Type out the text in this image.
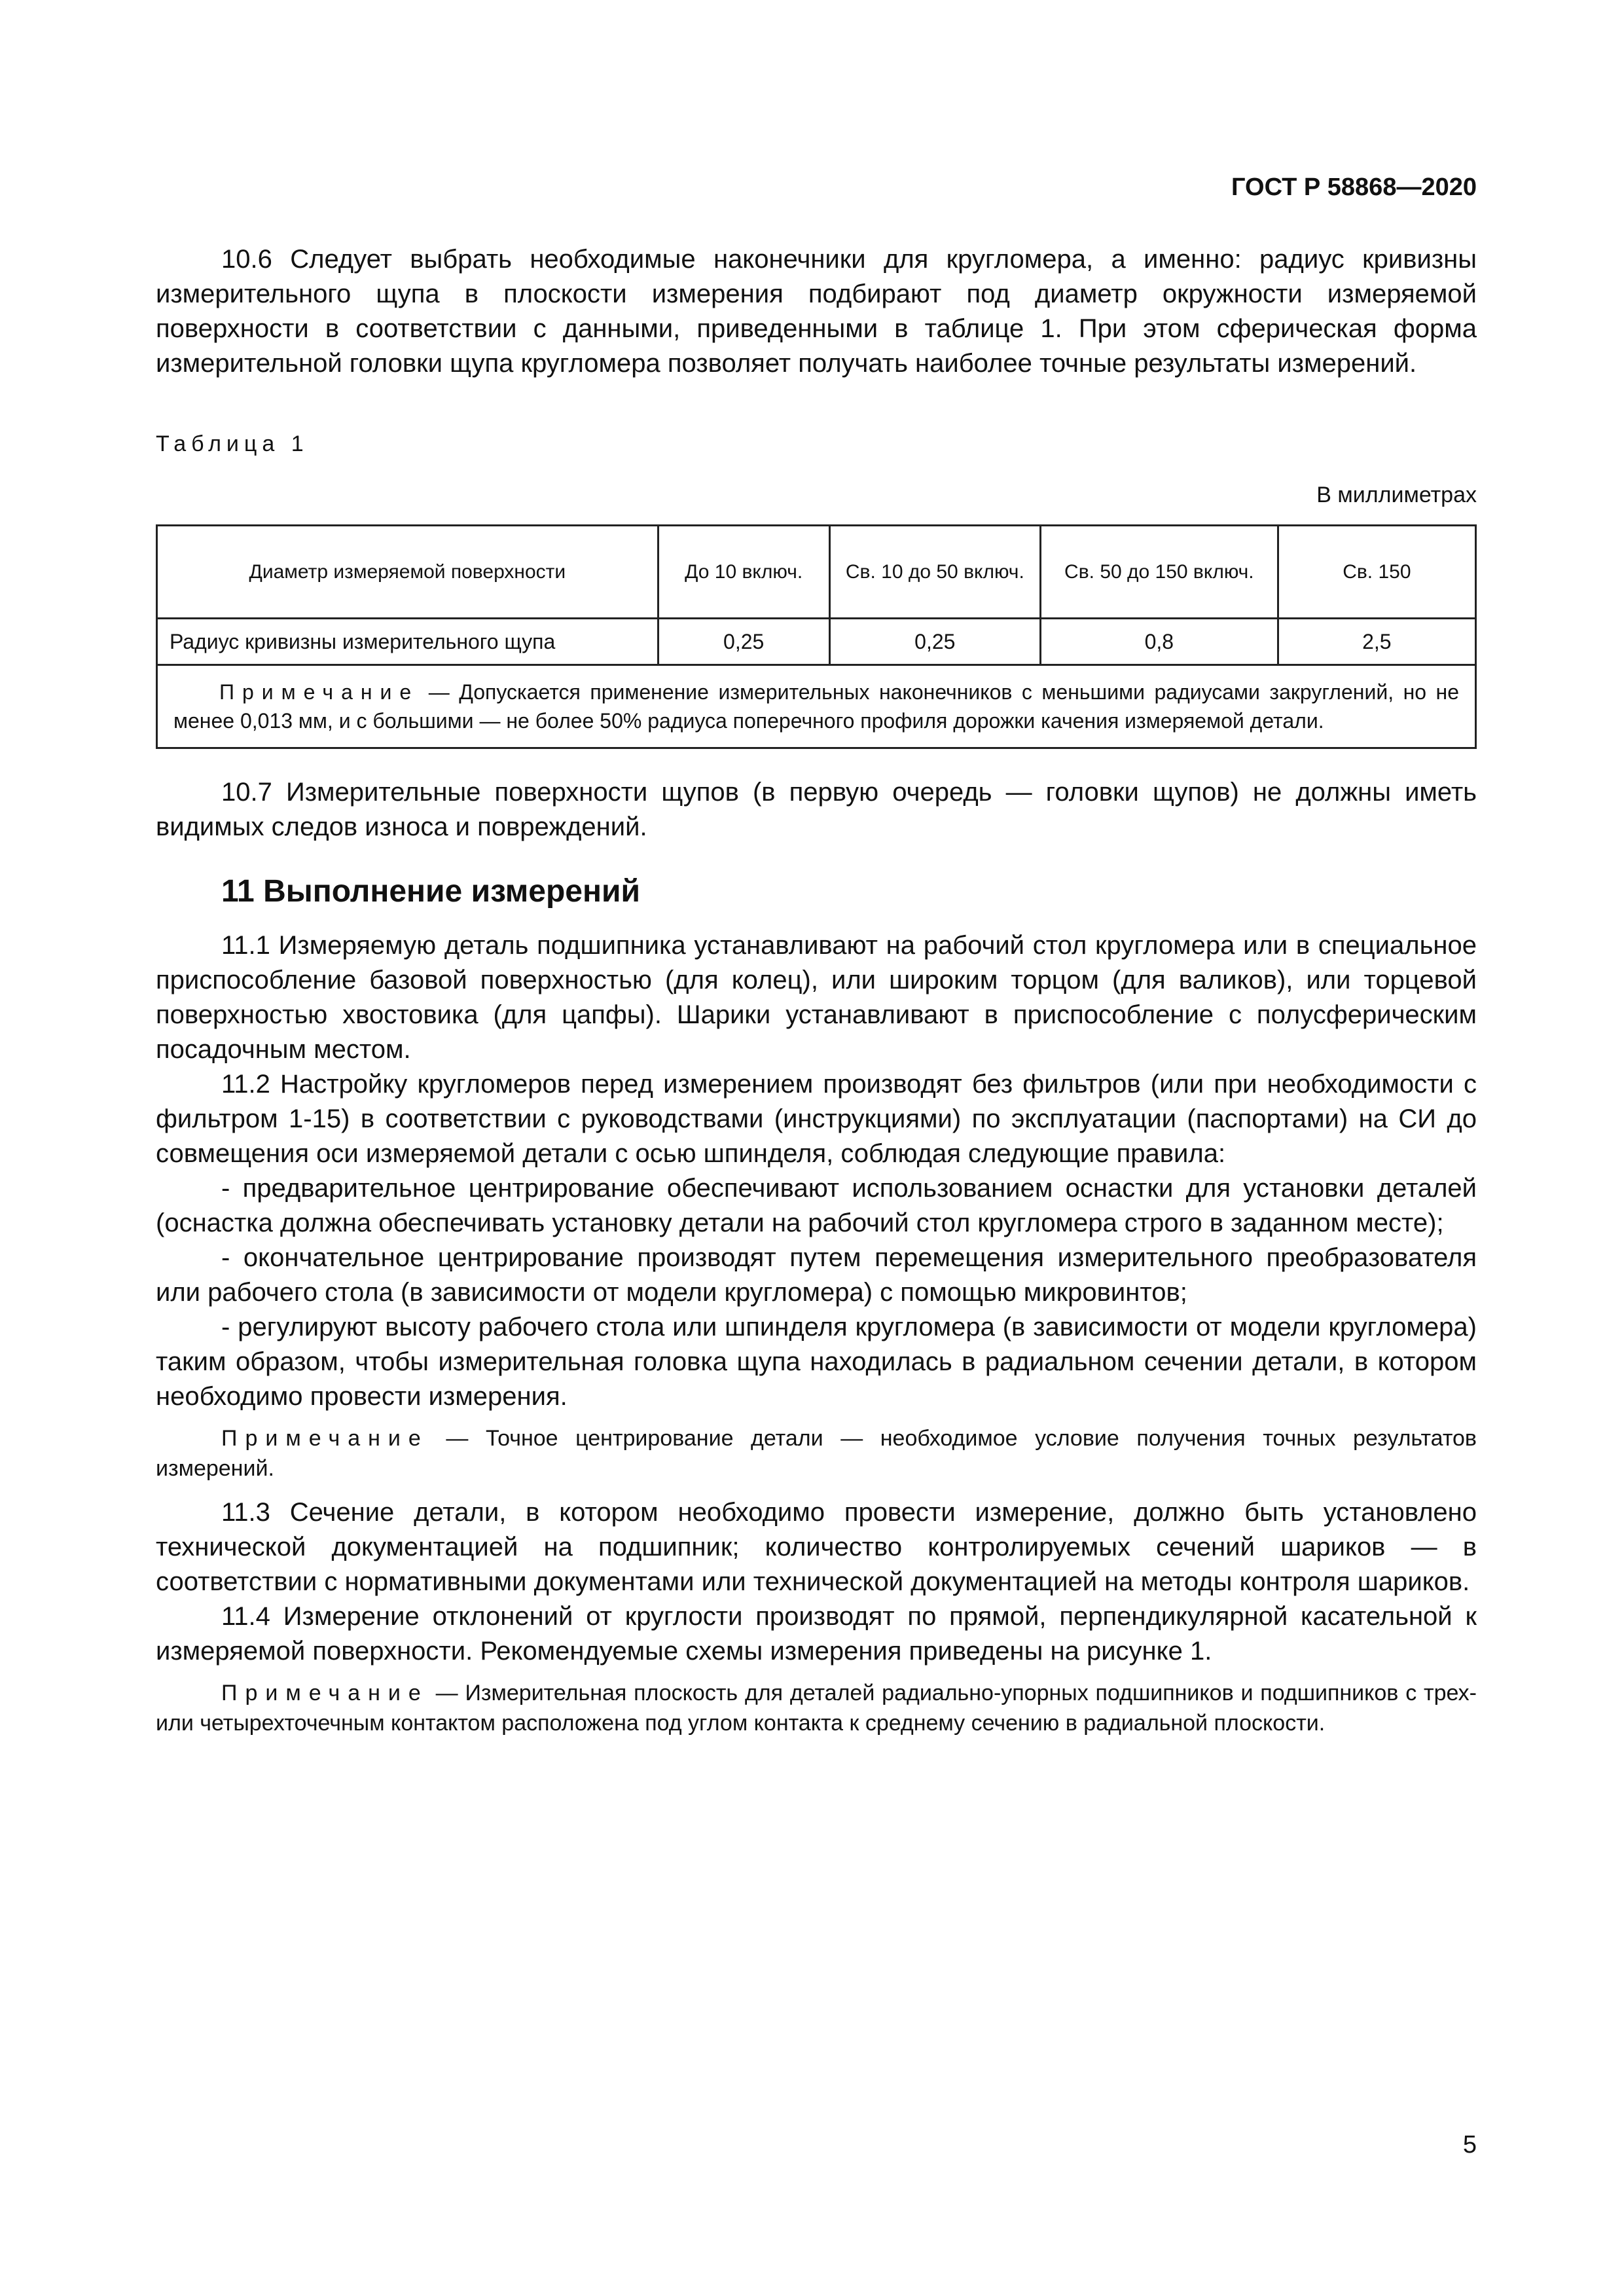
ГОСТ Р 58868—2020

10.6 Следует выбрать необходимые наконечники для кругломера, а именно: радиус кривизны измерительного щупа в плоскости измерения подбирают под диаметр окружности измеряемой поверхности в соответствии с данными, приведенными в таблице 1. При этом сферическая форма измерительной головки щупа кругломера позволяет получать наиболее точные результаты измерений.

Таблица 1
В миллиметрах
Диаметр измеряемой поверхности	До 10 включ.	Св. 10 до 50 включ.	Св. 50 до 150 включ.	Св. 150
Радиус кривизны измерительного щупа	0,25	0,25	0,8	2,5
Примечание — Допускается применение измерительных наконечников с меньшими радиусами закруглений, но не менее 0,013 мм, и с большими — не более 50% радиуса поперечного профиля дорожки качения измеряемой детали.				

10.7 Измерительные поверхности щупов (в первую очередь — головки щупов) не должны иметь видимых следов износа и повреждений.

11 Выполнение измерений

11.1 Измеряемую деталь подшипника устанавливают на рабочий стол кругломера или в специальное приспособление базовой поверхностью (для колец), или широким торцом (для валиков), или торцевой поверхностью хвостовика (для цапфы). Шарики устанавливают в приспособление с полусферическим посадочным местом.

11.2 Настройку кругломеров перед измерением производят без фильтров (или при необходимости с фильтром 1-15) в соответствии с руководствами (инструкциями) по эксплуатации (паспортами) на СИ до совмещения оси измеряемой детали с осью шпинделя, соблюдая следующие правила:

- предварительное центрирование обеспечивают использованием оснастки для установки деталей (оснастка должна обеспечивать установку детали на рабочий стол кругломера строго в заданном месте);

- окончательное центрирование производят путем перемещения измерительного преобразователя или рабочего стола (в зависимости от модели кругломера) с помощью микровинтов;

- регулируют высоту рабочего стола или шпинделя кругломера (в зависимости от модели кругломера) таким образом, чтобы измерительная головка щупа находилась в радиальном сечении детали, в котором необходимо провести измерения.

Примечание — Точное центрирование детали — необходимое условие получения точных результатов измерений.

11.3 Сечение детали, в котором необходимо провести измерение, должно быть установлено технической документацией на подшипник; количество контролируемых сечений шариков — в соответствии с нормативными документами или технической документацией на методы контроля шариков.

11.4 Измерение отклонений от круглости производят по прямой, перпендикулярной касательной к измеряемой поверхности. Рекомендуемые схемы измерения приведены на рисунке 1.

Примечание — Измерительная плоскость для деталей радиально-упорных подшипников и подшипников с трех- или четырехточечным контактом расположена под углом контакта к среднему сечению в радиальной плоскости.

5
